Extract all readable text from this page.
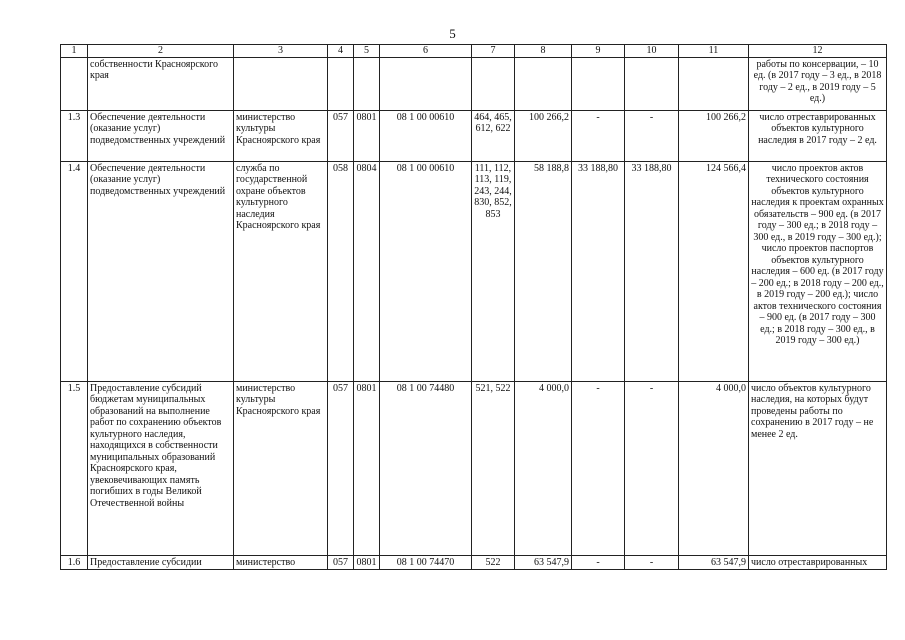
5
1	2	3	4	5	6	7	8	9	10	11	12
	собственности Красноярского края										работы по консервации, – 10 ед. (в 2017 году – 3 ед., в 2018 году – 2 ед., в 2019 году – 5 ед.)
1.3	Обеспечение деятельности (оказание услуг) подведомственных учреждений	министерство культуры Красноярского края	057	0801	08 1 00 00610	464, 465, 612, 622	100 266,2	-	-	100 266,2	число отреставрированных объектов культурного наследия в 2017 году – 2 ед.
1.4	Обеспечение деятельности (оказание услуг) подведомственных учреждений	служба по государственной охране объектов культурного наследия Красноярского края	058	0804	08 1 00 00610	111, 112, 113, 119, 243, 244, 830, 852, 853	58 188,8	33 188,80	33 188,80	124 566,4	число проектов актов технического состояния объектов культурного наследия к проектам охранных обязательств – 900 ед. (в 2017 году – 300 ед.; в 2018 году – 300 ед., в 2019 году – 300 ед.); число проектов паспортов объектов культурного наследия – 600 ед. (в 2017 году – 200 ед.; в 2018 году – 200 ед., в 2019 году – 200 ед.); число актов технического состояния – 900 ед. (в 2017 году – 300 ед.; в 2018 году – 300 ед., в 2019 году – 300 ед.)
1.5	Предоставление субсидий бюджетам муниципальных образований на выполнение работ по сохранению объектов культурного наследия, находящихся в собственности муниципальных образований Красноярского края, увековечивающих память погибших в годы Великой Отечественной войны	министерство культуры Красноярского края	057	0801	08 1 00 74480	521, 522	4 000,0	-	-	4 000,0	число объектов культурного наследия, на которых будут проведены работы по сохранению в 2017 году – не менее 2 ед.
1.6	Предоставление субсидии	министерство	057	0801	08 1 00 74470	522	63 547,9	-	-	63 547,9	число отреставрированных
